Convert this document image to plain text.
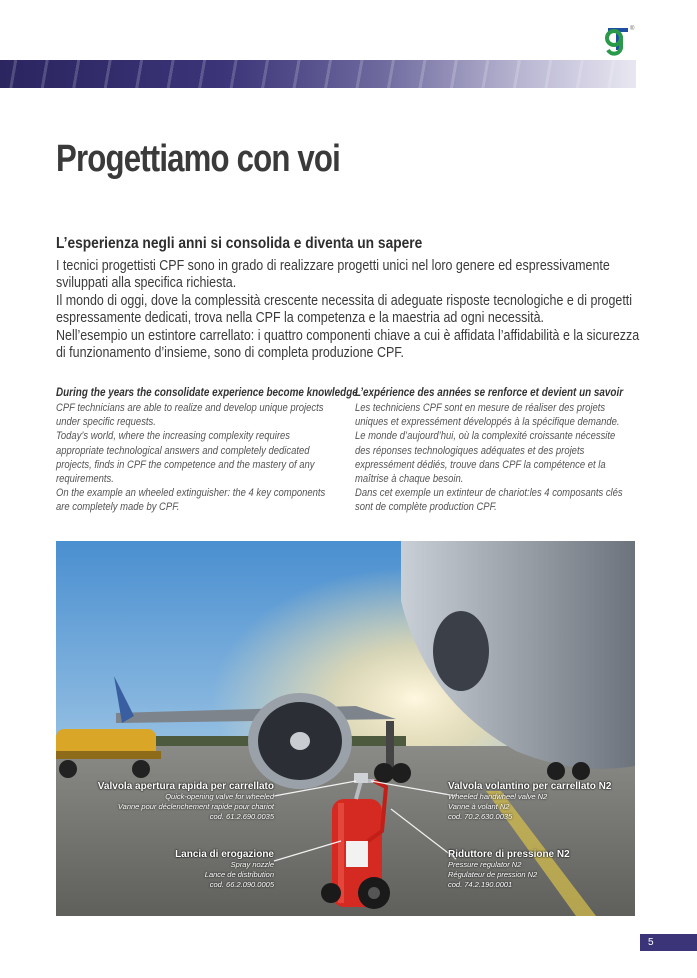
®
Progettiamo con voi
L’esperienza negli anni si consolida e diventa un sapere

I tecnici progettisti CPF sono in grado di realizzare progetti unici nel loro genere ed espressivamente

sviluppati alla specifica richiesta.

Il mondo di oggi, dove la complessità crescente necessita di adeguate risposte tecnologiche e di progetti

espressamente dedicati, trova nella CPF la competenza e la maestria ad ogni necessità.

Nell’esempio un estintore carrellato: i quattro componenti chiave a cui è affidata l’affidabilità e la sicurezza

di funzionamento d’insieme, sono di completa produzione CPF.

During the years the consolidate experience become knowledge

CPF technicians are able to realize and develop unique projects

under specific requests.

Today’s world, where the increasing complexity requires

appropriate technological answers and completely dedicated

projects, finds in CPF the competence and the mastery of any

requirements.

On the example an wheeled extinguisher: the 4 key components

are completely made by CPF.

L’expérience des années se renforce et devient un savoir

Les techniciens CPF sont en mesure de réaliser des projets

uniques et expressément développés à la spécifique demande.

Le monde d’aujourd’hui, où la complexité croissante nécessite

des réponses technologiques adéquates et des projets

expressément dédiés, trouve dans CPF la compétence et la

maîtrise à chaque besoin.

Dans cet exemple un extinteur de chariot:les 4 composants clés

sont de complète production CPF.

Valvola apertura rapida per carrellato
Quick-opening valve for wheeled
Vanne pour déclenchement rapide pour chariot
cod. 61.2.690.0035
Valvola volantino per carrellato N2
Wheeled handwheel valve N2
Vanne à volant N2
cod. 70.2.630.0035
Lancia di erogazione
Spray nozzle
Lance de distribution
cod. 66.2.090.0005
Riduttore di pressione N2
Pressure regulator N2
Régulateur de pression N2
cod. 74.2.190.0001
5
